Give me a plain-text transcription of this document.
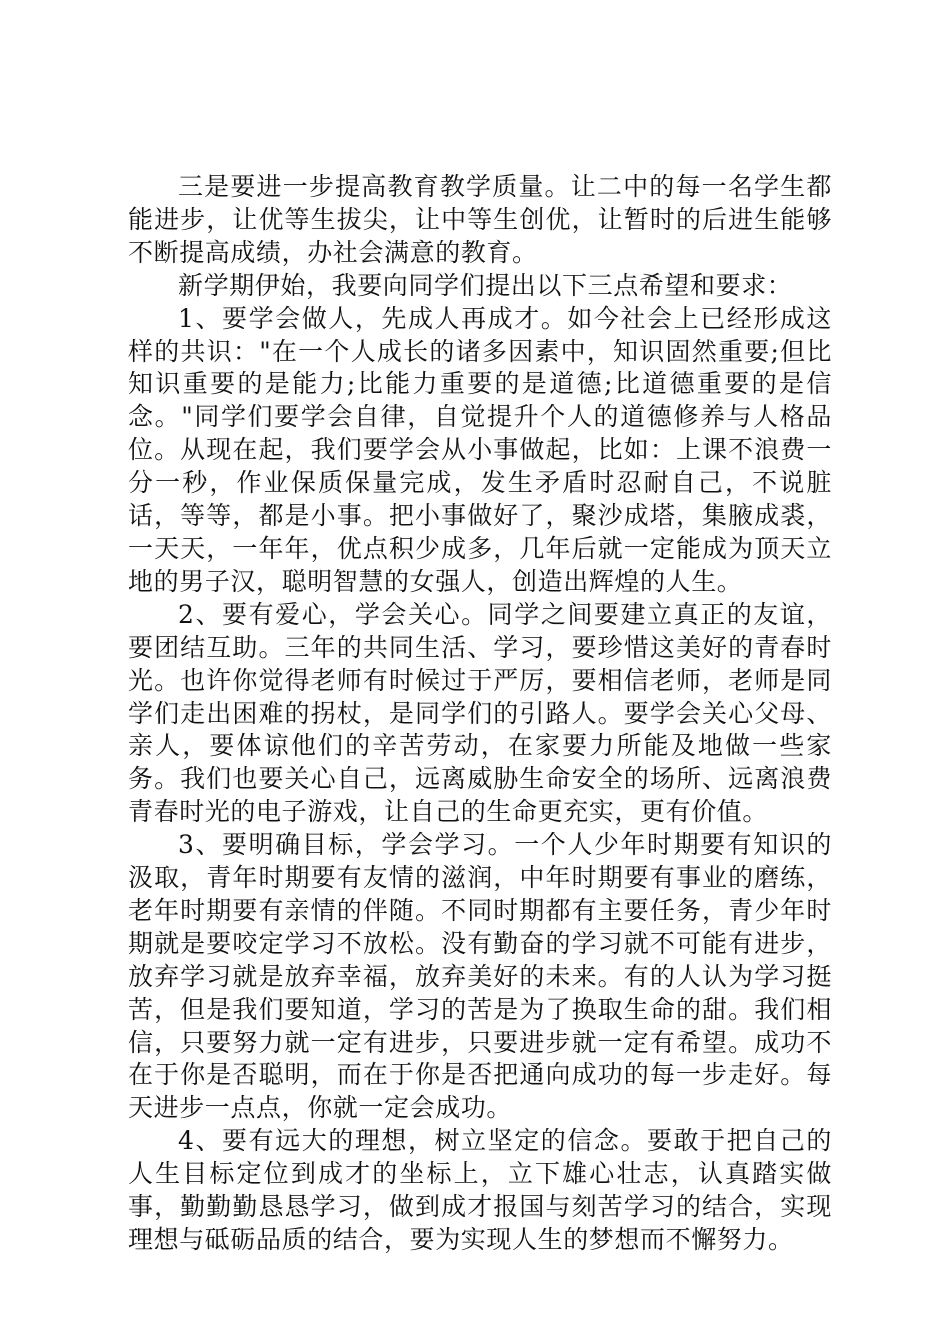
三是要进一步提高教育教学质量。让二中的每一名学生都能进步，让优等生拔尖，让中等生创优，让暂时的后进生能够不断提高成绩，办社会满意的教育。

新学期伊始，我要向同学们提出以下三点希望和要求：

1、要学会做人，先成人再成才。如今社会上已经形成这样的共识："在一个人成长的诸多因素中，知识固然重要;但比知识重要的是能力;比能力重要的是道德;比道德重要的是信念。"同学们要学会自律，自觉提升个人的道德修养与人格品位。从现在起，我们要学会从小事做起，比如：上课不浪费一分一秒，作业保质保量完成，发生矛盾时忍耐自己，不说脏话，等等，都是小事。把小事做好了，聚沙成塔，集腋成裘，一天天，一年年，优点积少成多，几年后就一定能成为顶天立地的男子汉，聪明智慧的女强人，创造出辉煌的人生。

2、要有爱心，学会关心。同学之间要建立真正的友谊，要团结互助。三年的共同生活、学习，要珍惜这美好的青春时光。也许你觉得老师有时候过于严厉，要相信老师，老师是同学们走出困难的拐杖，是同学们的引路人。要学会关心父母、亲人，要体谅他们的辛苦劳动，在家要力所能及地做一些家务。我们也要关心自己，远离威胁生命安全的场所、远离浪费青春时光的电子游戏，让自己的生命更充实，更有价值。

3、要明确目标，学会学习。一个人少年时期要有知识的汲取，青年时期要有友情的滋润，中年时期要有事业的磨练，老年时期要有亲情的伴随。不同时期都有主要任务，青少年时期就是要咬定学习不放松。没有勤奋的学习就不可能有进步，放弃学习就是放弃幸福，放弃美好的未来。有的人认为学习挺苦，但是我们要知道，学习的苦是为了换取生命的甜。我们相信，只要努力就一定有进步，只要进步就一定有希望。成功不在于你是否聪明，而在于你是否把通向成功的每一步走好。每天进步一点点，你就一定会成功。

4、要有远大的理想，树立坚定的信念。要敢于把自己的人生目标定位到成才的坐标上，立下雄心壮志，认真踏实做事，勤勤勤恳恳学习，做到成才报国与刻苦学习的结合，实现理想与砥砺品质的结合，要为实现人生的梦想而不懈努力。
